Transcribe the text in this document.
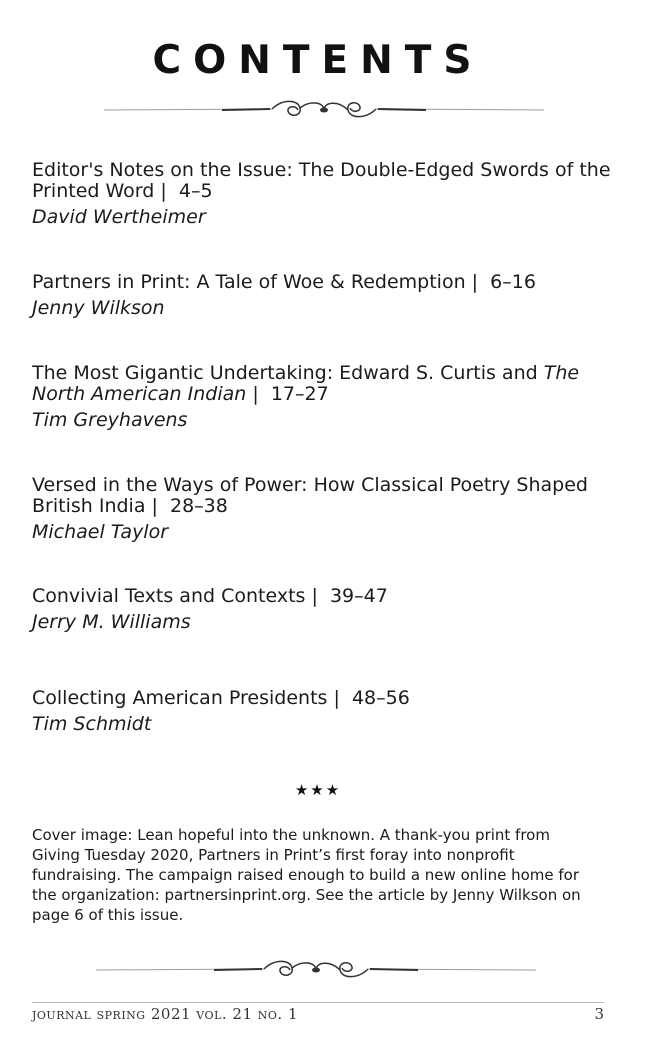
CONTENTS
Editor's Notes on the Issue: The Double-Edged Swords of the Printed Word |  4–5
David Wertheimer
Partners in Print: A Tale of Woe & Redemption |  6–16
Jenny Wilkson
The Most Gigantic Undertaking: Edward S. Curtis and The North American Indian |  17–27
Tim Greyhavens
Versed in the Ways of Power: How Classical Poetry Shaped British India |  28–38
Michael Taylor
Convivial Texts and Contexts |  39–47
Jerry M. Williams
Collecting American Presidents |  48–56
Tim Schmidt
★★★

Cover image: Lean hopeful into the unknown. A thank-you print from Giving Tuesday 2020, Partners in Print’s first foray into nonprofit fundraising. The campaign raised enough to build a new online home for the organization: partnersinprint.org. See the article by Jenny Wilkson on page 6 of this issue.

journal spring 2021 vol. 21 no. 1	3
